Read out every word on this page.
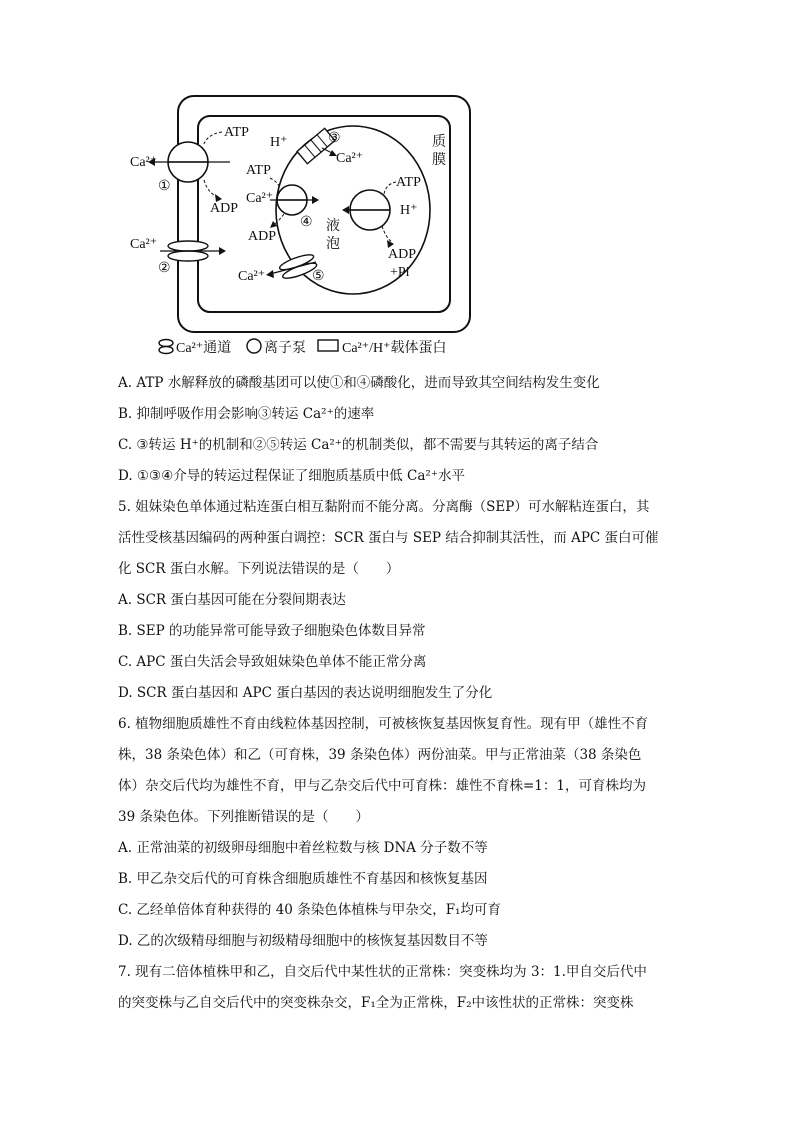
质
膜
液
泡
Ca²⁺
①
ATP
ADP
Ca²⁺
②
H⁺	③
Ca²⁺
ATP
Ca²⁺
ADP
④
Ca²⁺	⑤
H⁺
ATP
ADP
+Pi
Ca²⁺通道 离子泵	Ca²⁺/H⁺载体蛋白
A. ATP 水解释放的磷酸基团可以使①和④磷酸化，进而导致其空间结构发生变化
B. 抑制呼吸作用会影响③转运 Ca²⁺的速率
C. ③转运 H⁺的机制和②⑤转运 Ca²⁺的机制类似，都不需要与其转运的离子结合
D. ①③④介导的转运过程保证了细胞质基质中低 Ca²⁺水平
5. 姐妹染色单体通过粘连蛋白相互黏附而不能分离。分离酶（SEP）可水解粘连蛋白，其
活性受核基因编码的两种蛋白调控：SCR 蛋白与 SEP 结合抑制其活性，而 APC 蛋白可催
化 SCR 蛋白水解。下列说法错误的是（　　）
A. SCR 蛋白基因可能在分裂间期表达
B. SEP 的功能异常可能导致子细胞染色体数目异常
C. APC 蛋白失活会导致姐妹染色单体不能正常分离
D. SCR 蛋白基因和 APC 蛋白基因的表达说明细胞发生了分化
6. 植物细胞质雄性不育由线粒体基因控制，可被核恢复基因恢复育性。现有甲（雄性不育
株，38 条染色体）和乙（可育株，39 条染色体）两份油菜。甲与正常油菜（38 条染色
体）杂交后代均为雄性不育，甲与乙杂交后代中可育株：雄性不育株=1：1，可育株均为
39 条染色体。下列推断错误的是（　　）
A. 正常油菜的初级卵母细胞中着丝粒数与核 DNA 分子数不等
B. 甲乙杂交后代的可育株含细胞质雄性不育基因和核恢复基因
C. 乙经单倍体育种获得的 40 条染色体植株与甲杂交，F₁均可育
D. 乙的次级精母细胞与初级精母细胞中的核恢复基因数目不等
7. 现有二倍体植株甲和乙，自交后代中某性状的正常株：突变株均为 3：1.甲自交后代中
的突变株与乙自交后代中的突变株杂交，F₁全为正常株，F₂中该性状的正常株：突变株
